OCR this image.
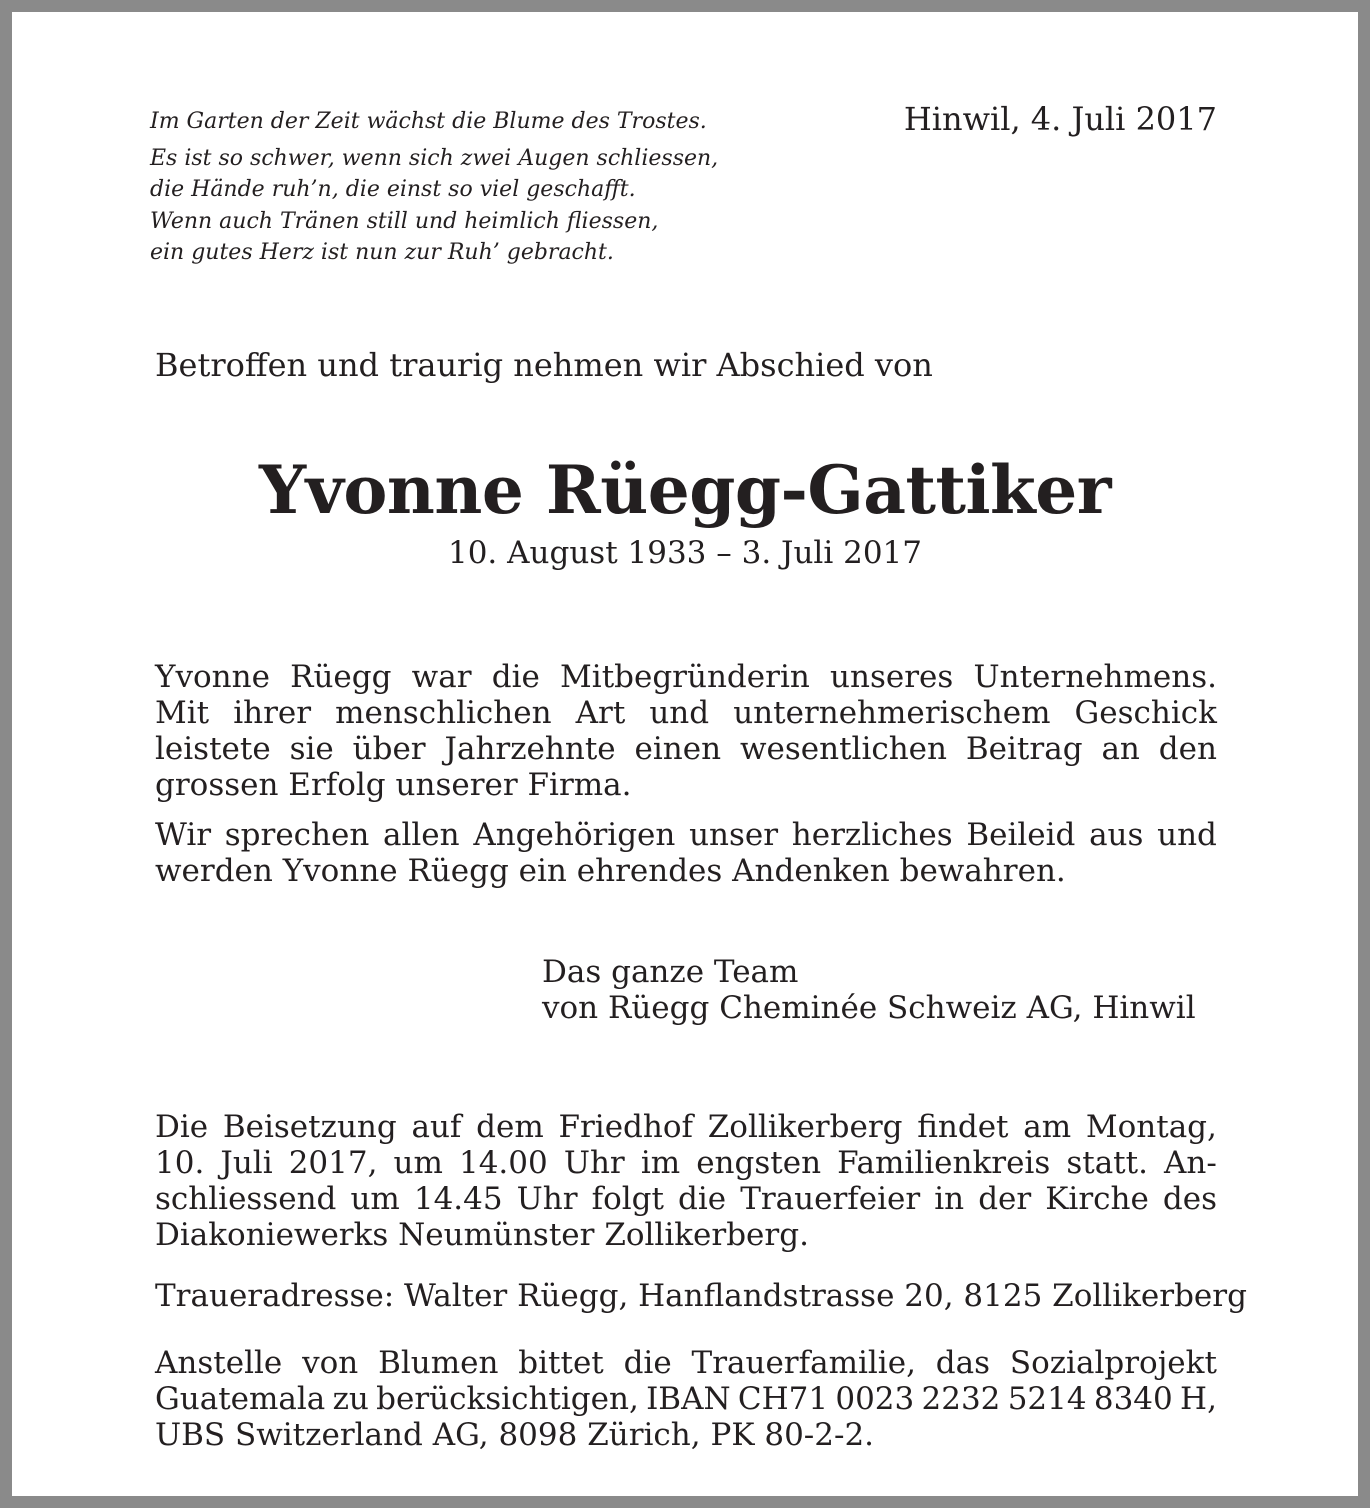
Im Garten der Zeit wächst die Blume des Trostes.
Es ist so schwer, wenn sich zwei Augen schliessen,
die Hände ruh’n, die einst so viel geschafft.
Wenn auch Tränen still und heimlich fliessen,
ein gutes Herz ist nun zur Ruh’ gebracht.
Hinwil, 4. Juli 2017
Betroffen und traurig nehmen wir Abschied von
Yvonne Rüegg-Gattiker
10. August 1933 – 3. Juli 2017
Yvonne Rüegg war die Mitbegründerin unseres Unternehmens.
Mit ihrer menschlichen Art und unternehmerischem Geschick
leistete sie über Jahrzehnte einen wesentlichen Beitrag an den
grossen Erfolg unserer Firma.
Wir sprechen allen Angehörigen unser herzliches Beileid aus und
werden Yvonne Rüegg ein ehrendes Andenken bewahren.
Das ganze Team
von Rüegg Cheminée Schweiz AG, Hinwil
Die Beisetzung auf dem Friedhof Zollikerberg findet am Montag,
10. Juli 2017, um 14.00 Uhr im engsten Familienkreis statt. An-
schliessend um 14.45 Uhr folgt die Trauerfeier in der Kirche des
Diakoniewerks Neumünster Zollikerberg.
Traueradresse: Walter Rüegg, Hanflandstrasse 20, 8125 Zollikerberg
Anstelle von Blumen bittet die Trauerfamilie, das Sozialprojekt
Guatemala zu berücksichtigen, IBAN CH71 0023 2232 5214 8340 H,
UBS Switzerland AG, 8098 Zürich, PK 80-2-2.
